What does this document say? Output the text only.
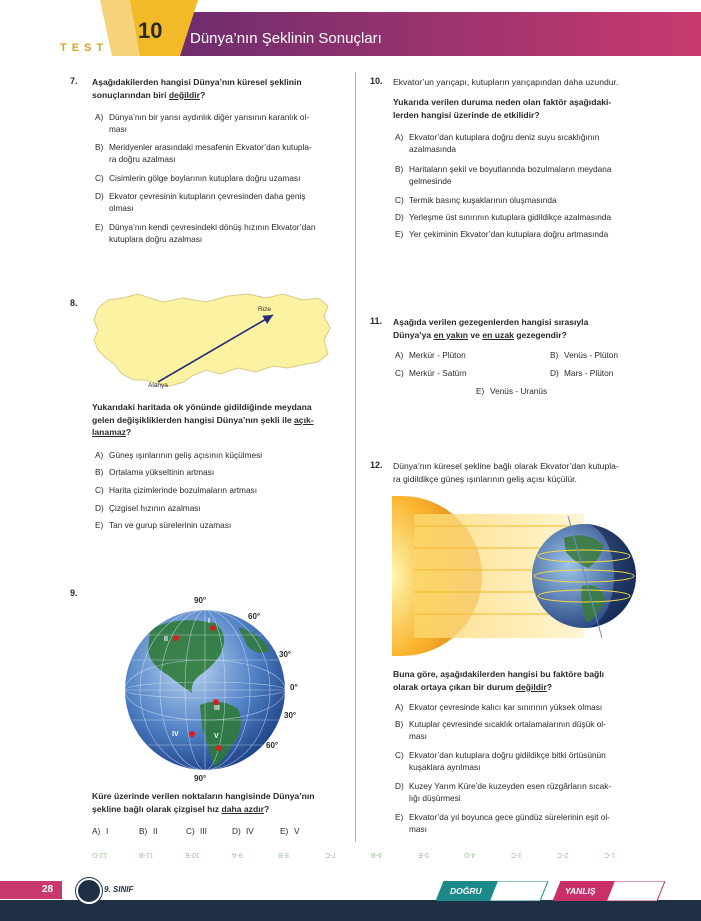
TEST
10 Dünya’nın Şeklinin Sonuçları
7. Aşağıdakilerden hangisi Dünya’nın küresel şeklinin
sonuçlarından biri değildir?
A) Dünya’nın bir yarısı aydınlık diğer yarısının karanlık ol-
ması
B) Meridyenler arasındaki mesafenin Ekvator’dan kutupla-
ra doğru azalması
C) Cisimlerin gölge boylarının kutuplara doğru uzaması
D) Ekvator çevresinin kutupların çevresinden daha geniş
olması
E) Dünya’nın kendi çevresindeki dönüş hızının Ekvator’dan
kutuplara doğru azalması
8.
Alanya
Rize
Yukarıdaki haritada ok yönünde gidildiğinde meydana
gelen değişikliklerden hangisi Dünya’nın şekli ile açık-
lanamaz?
A) Güneş ışınlarının geliş açısının küçülmesi
B) Ortalama yükseltinin artması
C) Harita çizimlerinde bozulmaların artması
D) Çizgisel hızının azalması
E) Tan ve gurup sürelerinin uzaması
9.
90°
60°
30°
0°
30°
60°
90°
I
II
III
IV	V
Küre üzerinde verilen noktaların hangisinde Dünya’nın
şekline bağlı olarak çizgisel hız daha azdır?
A) I	B) II	C) III	D) IV	E) V
10. Ekvator’un yarıçapı, kutupların yarıçapından daha uzundur.
Yukarıda verilen duruma neden olan faktör aşağıdaki-
lerden hangisi üzerinde de etkilidir?
A) Ekvator’dan kutuplara doğru deniz suyu sıcaklığının
azalmasında
B) Haritaların şekil ve boyutlarında bozulmaların meydana
gelmesinde
C) Termik basınç kuşaklarının oluşmasında
D) Yerleşme üst sınırının kutuplara gidildikçe azalmasında
E) Yer çekiminin Ekvator’dan kutuplara doğru artmasında
11. Aşağıda verilen gezegenlerden hangisi sırasıyla
Dünya’ya en yakın ve en uzak gezegendir?
A) Merkür - Plüton	B) Venüs - Plüton
C) Merkür - Satürn	D) Mars - Plüton
E) Venüs - Uranüs
12. Dünya’nın küresel şekline bağlı olarak Ekvator’dan kutupla-
ra gidildikçe güneş ışınlarının geliş açısı küçülür.
Buna göre, aşağıdakilerden hangisi bu faktöre bağlı
olarak ortaya çıkan bir durum değildir?
A) Ekvator çevresinde kalıcı kar sınırının yüksek olması
B) Kutuplar çevresinde sıcaklık ortalamalarının düşük ol-
ması
C) Ekvator’dan kutuplara doğru gidildikçe bitki örtüsünün
kuşaklara ayrılması
D) Kuzey Yarım Küre’de kuzeyden esen rüzgârların sıcak-
lığı düşürmesi
E) Ekvator’da yıl boyunca gece gündüz sürelerinin eşit ol-
ması
12-D	11-B	10-E	9-A	8-B	7-C	6-B	5-E	4-D	3-C	2-C	1-C
28	9. SINIF	DOĞRU	YANLIŞ
